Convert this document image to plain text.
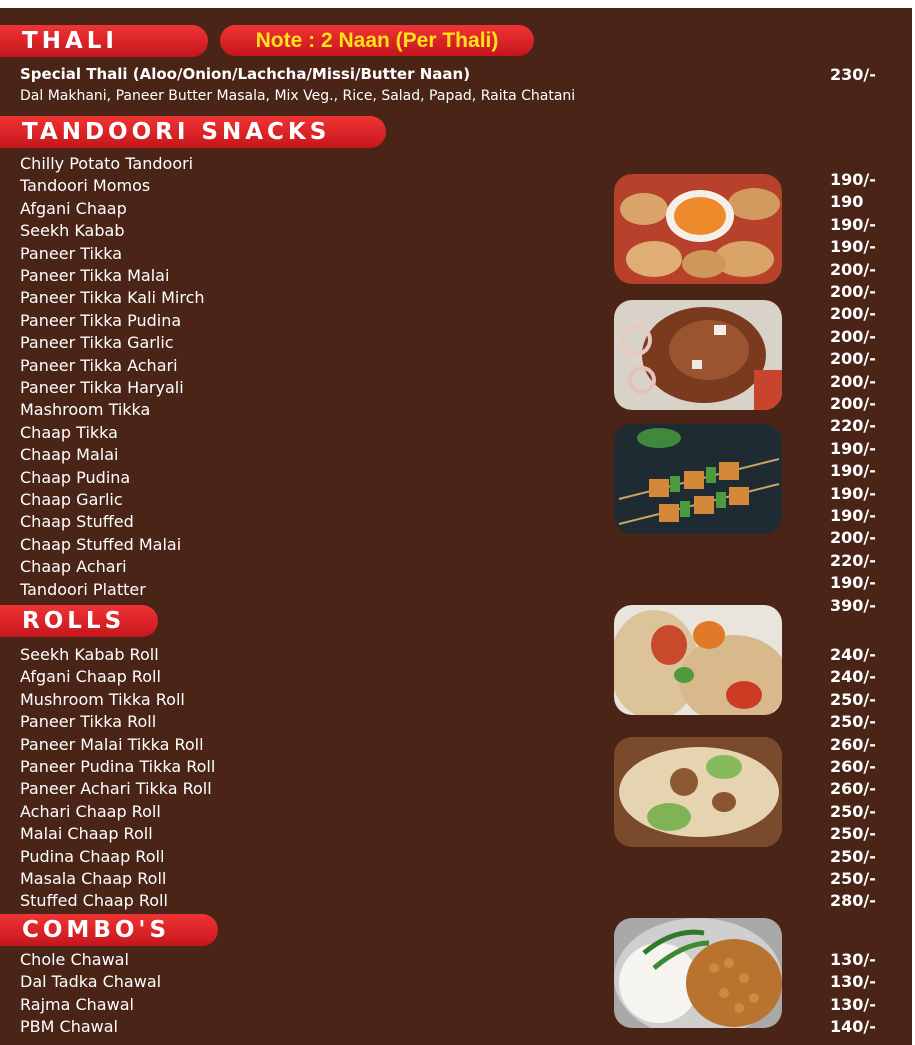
THALI	Note : 2 Naan (Per Thali)
Special Thali (Aloo/Onion/Lachcha/Missi/Butter Naan)
Dal Makhani, Paneer Butter Masala, Mix Veg., Rice, Salad, Papad, Raita Chatani
230/-
TANDOORI SNACKS
Chilly Potato Tandoori
190/-
Tandoori Momos
190
Afgani Chaap
190/-
Seekh Kabab
190/-
Paneer Tikka
200/-
Paneer Tikka Malai
200/-
Paneer Tikka Kali Mirch
200/-
Paneer Tikka Pudina
200/-
Paneer Tikka Garlic
200/-
Paneer Tikka Achari
200/-
Paneer Tikka Haryali
200/-
Mashroom Tikka
220/-
Chaap Tikka
190/-
Chaap Malai
190/-
Chaap Pudina
190/-
Chaap Garlic
190/-
Chaap Stuffed
200/-
Chaap Stuffed Malai
220/-
Chaap Achari
190/-
Tandoori Platter
390/-
ROLLS
Seekh Kabab Roll	240/-
Afgani Chaap Roll	240/-
Mushroom Tikka Roll	250/-
Paneer Tikka Roll	250/-
Paneer Malai Tikka Roll	260/-
Paneer Pudina Tikka Roll	260/-
Paneer Achari Tikka Roll	260/-
Achari Chaap Roll	250/-
Malai Chaap Roll	250/-
Pudina Chaap Roll	250/-
Masala Chaap Roll	250/-
Stuffed Chaap Roll	280/-
COMBO'S
Chole Chawal	130/-
Dal Tadka Chawal	130/-
Rajma Chawal	130/-
PBM Chawal	140/-
